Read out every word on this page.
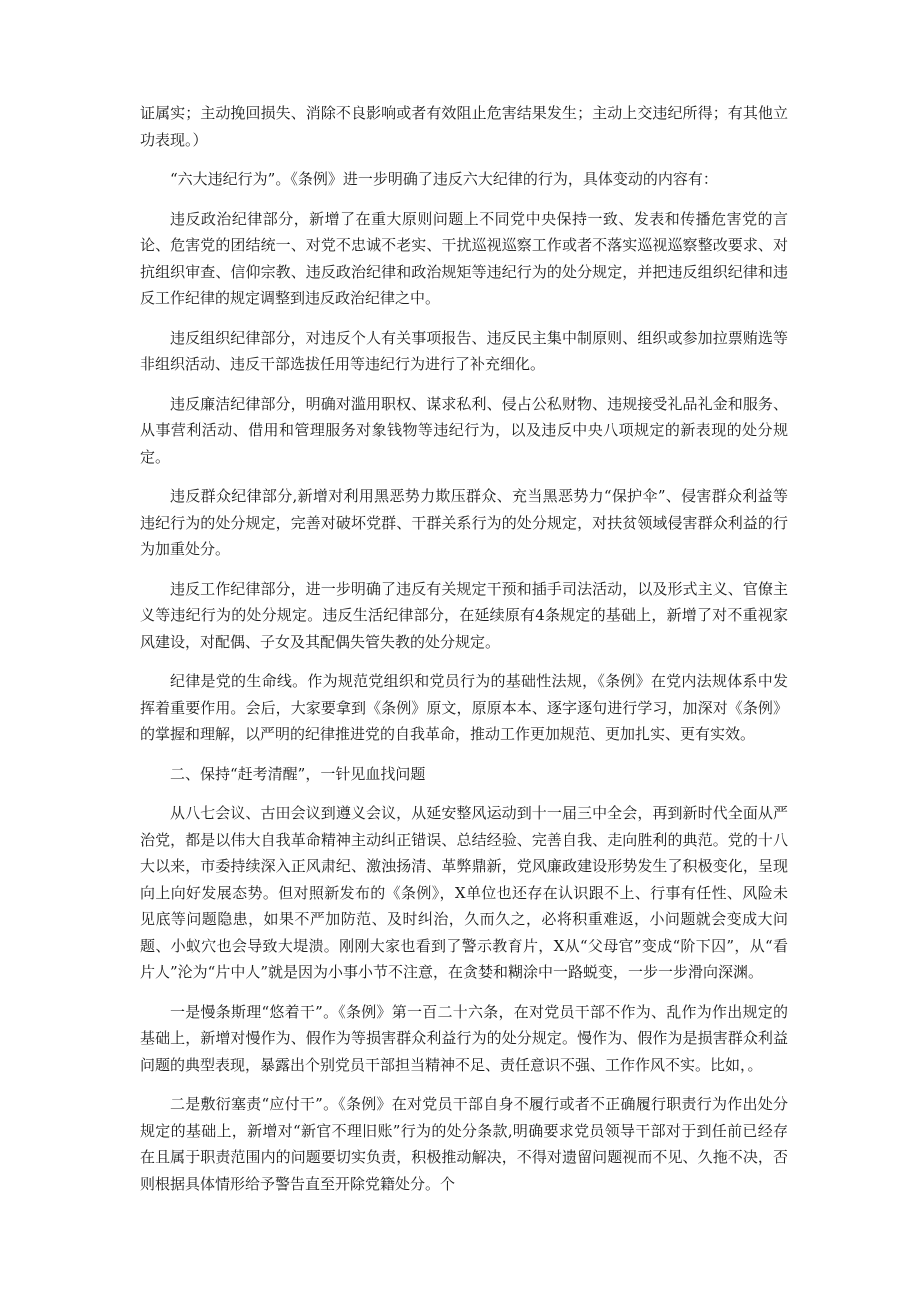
证属实；主动挽回损失、消除不良影响或者有效阻止危害结果发生；主动上交违纪所得；有其他立功表现。）

“六大违纪行为”。《条例》进一步明确了违反六大纪律的行为，具体变动的内容有：

违反政治纪律部分，新增了在重大原则问题上不同党中央保持一致、发表和传播危害党的言论、危害党的团结统一、对党不忠诚不老实、干扰巡视巡察工作或者不落实巡视巡察整改要求、对抗组织审查、信仰宗教、违反政治纪律和政治规矩等违纪行为的处分规定，并把违反组织纪律和违反工作纪律的规定调整到违反政治纪律之中。

违反组织纪律部分，对违反个人有关事项报告、违反民主集中制原则、组织或参加拉票贿选等非组织活动、违反干部选拔任用等违纪行为进行了补充细化。

违反廉洁纪律部分，明确对滥用职权、谋求私利、侵占公私财物、违规接受礼品礼金和服务、从事营利活动、借用和管理服务对象钱物等违纪行为，以及违反中央八项规定的新表现的处分规定。

违反群众纪律部分,新增对利用黑恶势力欺压群众、充当黑恶势力“保护伞”、侵害群众利益等违纪行为的处分规定，完善对破坏党群、干群关系行为的处分规定，对扶贫领域侵害群众利益的行为加重处分。

违反工作纪律部分，进一步明确了违反有关规定干预和插手司法活动，以及形式主义、官僚主义等违纪行为的处分规定。违反生活纪律部分，在延续原有4条规定的基础上，新增了对不重视家风建设，对配偶、子女及其配偶失管失教的处分规定。

纪律是党的生命线。作为规范党组织和党员行为的基础性法规，《条例》在党内法规体系中发挥着重要作用。会后，大家要拿到《条例》原文，原原本本、逐字逐句进行学习，加深对《条例》的掌握和理解，以严明的纪律推进党的自我革命，推动工作更加规范、更加扎实、更有实效。

二、保持“赶考清醒”，一针见血找问题

从八七会议、古田会议到遵义会议，从延安整风运动到十一届三中全会，再到新时代全面从严治党，都是以伟大自我革命精神主动纠正错误、总结经验、完善自我、走向胜利的典范。党的十八大以来，市委持续深入正风肃纪、激浊扬清、革弊鼎新，党风廉政建设形势发生了积极变化，呈现向上向好发展态势。但对照新发布的《条例》，X单位也还存在认识跟不上、行事有任性、风险未见底等问题隐患，如果不严加防范、及时纠治，久而久之，必将积重难返，小问题就会变成大问题、小蚁穴也会导致大堤溃。刚刚大家也看到了警示教育片，X从“父母官”变成“阶下囚”，从“看片人”沦为“片中人”就是因为小事小节不注意，在贪婪和糊涂中一路蜕变，一步一步滑向深渊。

一是慢条斯理“悠着干”。《条例》第一百二十六条，在对党员干部不作为、乱作为作出规定的基础上，新增对慢作为、假作为等损害群众利益行为的处分规定。慢作为、假作为是损害群众利益问题的典型表现，暴露出个别党员干部担当精神不足、责任意识不强、工作作风不实。比如，。

二是敷衍塞责“应付干”。《条例》在对党员干部自身不履行或者不正确履行职责行为作出处分规定的基础上，新增对“新官不理旧账”行为的处分条款,明确要求党员领导干部对于到任前已经存在且属于职责范围内的问题要切实负责，积极推动解决，不得对遗留问题视而不见、久拖不决，否则根据具体情形给予警告直至开除党籍处分。个
